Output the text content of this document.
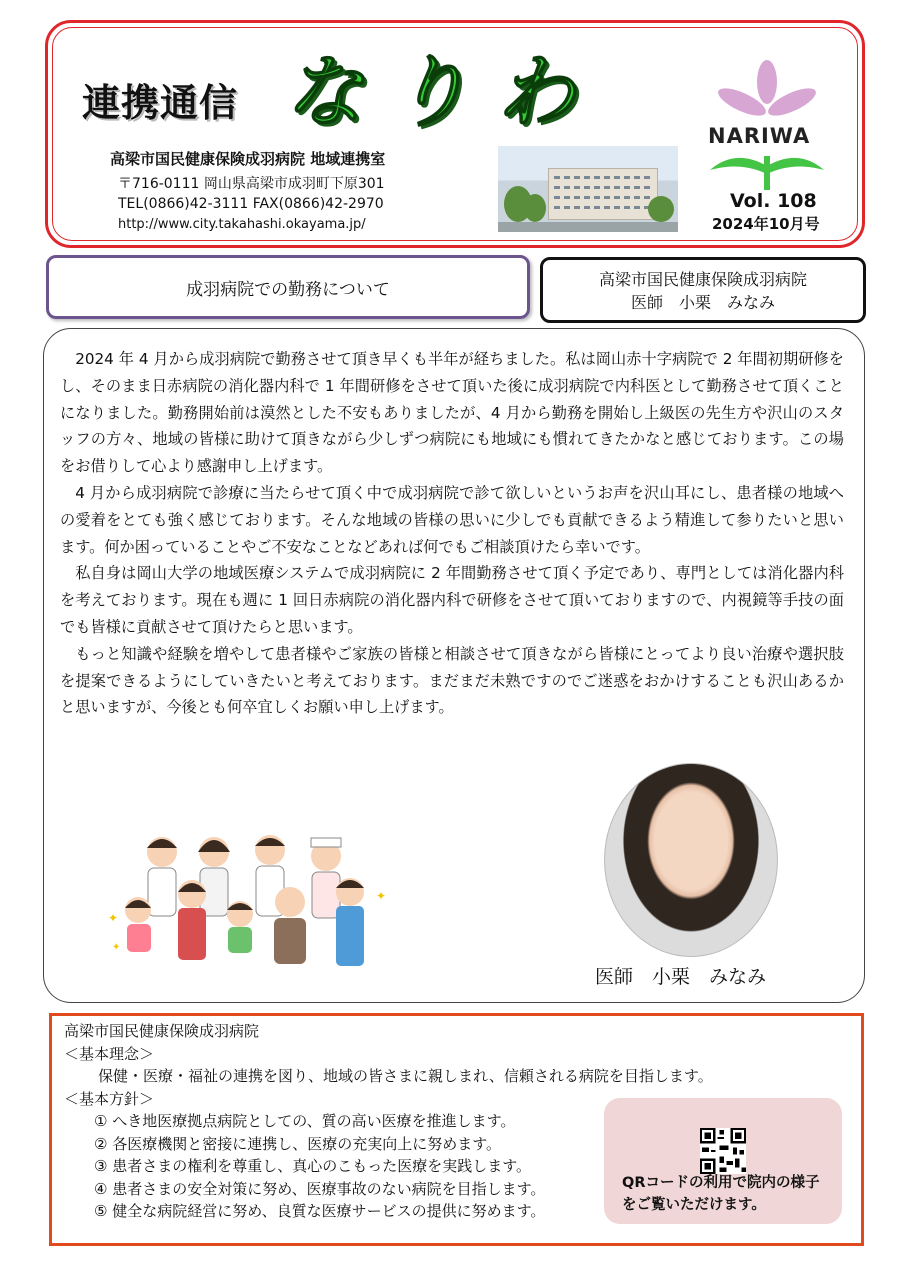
連携通信 なりわ
高梁市国民健康保険成羽病院 地域連携室
〒716-0111 岡山県高梁市成羽町下原301
TEL(0866)42-3111 FAX(0866)42-2970
http://www.city.takahashi.okayama.jp/
NARIWA
Vol. 108
2024年10月号
成羽病院での勤務について	高梁市国民健康保険成羽病院
医師　小栗　みなみ

2024 年 4 月から成羽病院で勤務させて頂き早くも半年が経ちました。私は岡山赤十字病院で 2 年間初期研修をし、そのまま日赤病院の消化器内科で 1 年間研修をさせて頂いた後に成羽病院で内科医として勤務させて頂くことになりました。勤務開始前は漠然とした不安もありましたが、4 月から勤務を開始し上級医の先生方や沢山のスタッフの方々、地域の皆様に助けて頂きながら少しずつ病院にも地域にも慣れてきたかなと感じております。この場をお借りして心より感謝申し上げます。

4 月から成羽病院で診療に当たらせて頂く中で成羽病院で診て欲しいというお声を沢山耳にし、患者様の地域への愛着をとても強く感じております。そんな地域の皆様の思いに少しでも貢献できるよう精進して参りたいと思います。何か困っていることやご不安なことなどあれば何でもご相談頂けたら幸いです。

私自身は岡山大学の地域医療システムで成羽病院に 2 年間勤務させて頂く予定であり、専門としては消化器内科を考えております。現在も週に 1 回日赤病院の消化器内科で研修をさせて頂いておりますので、内視鏡等手技の面でも皆様に貢献させて頂けたらと思います。

もっと知識や経験を増やして患者様やご家族の皆様と相談させて頂きながら皆様にとってより良い治療や選択肢を提案できるようにしていきたいと考えております。まだまだ未熟ですのでご迷惑をおかけすることも沢山あるかと思いますが、今後とも何卒宜しくお願い申し上げます。

✦
✦
✦
医師　小栗　みなみ
高梁市国民健康保険成羽病院
＜基本理念＞
保健・医療・福祉の連携を図り、地域の皆さまに親しまれ、信頼される病院を目指します。
＜基本方針＞
① へき地医療拠点病院としての、質の高い医療を推進します。
② 各医療機関と密接に連携し、医療の充実向上に努めます。
③ 患者さまの権利を尊重し、真心のこもった医療を実践します。
④ 患者さまの安全対策に努め、医療事故のない病院を目指します。
⑤ 健全な病院経営に努め、良質な医療サービスの提供に努めます。
QRコードの利用で院内の様子をご覧いただけます。
